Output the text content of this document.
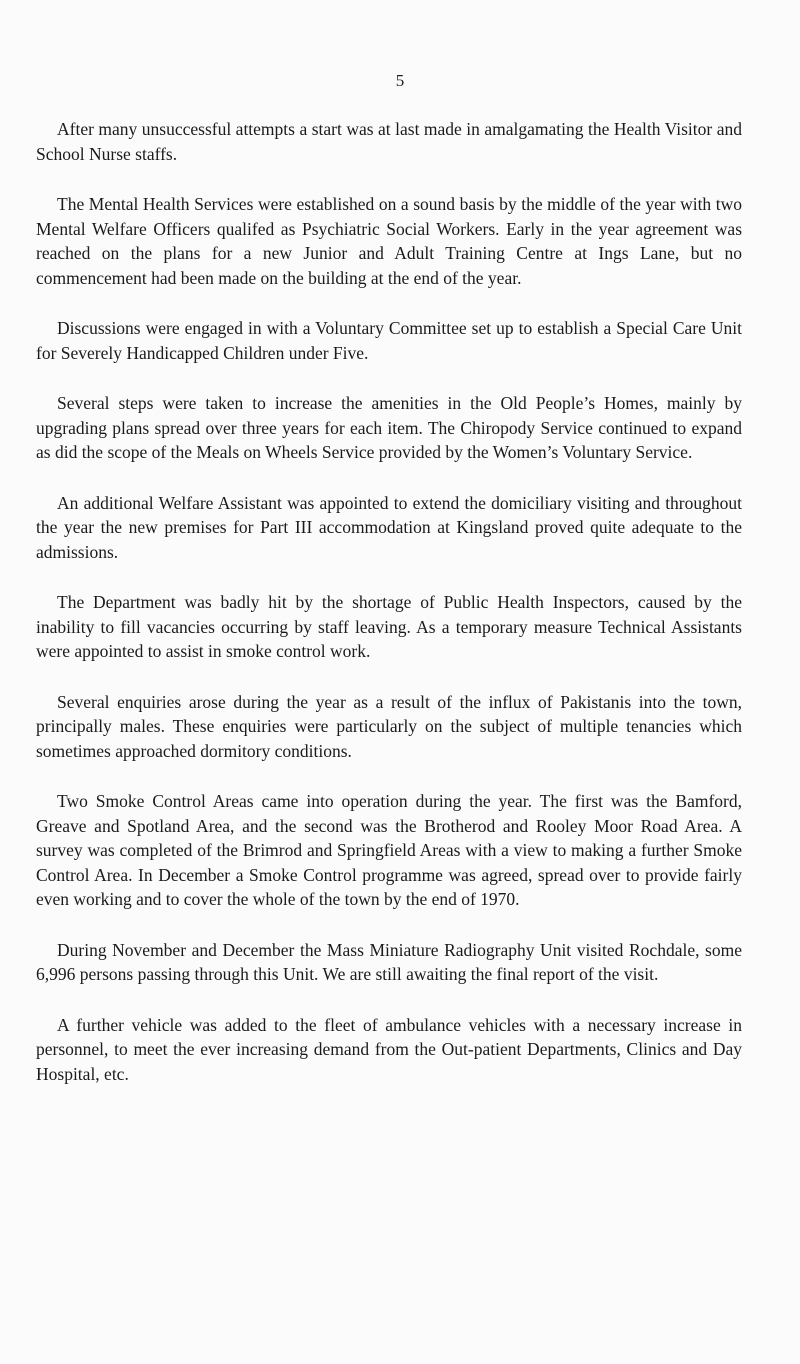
5

After many unsuccessful attempts a start was at last made in amalgamating the Health Visitor and School Nurse staffs.

The Mental Health Services were established on a sound basis by the middle of the year with two Mental Welfare Officers qualifed as Psychiatric Social Workers. Early in the year agreement was reached on the plans for a new Junior and Adult Training Centre at Ings Lane, but no commencement had been made on the building at the end of the year.

Discussions were engaged in with a Voluntary Committee set up to establish a Special Care Unit for Severely Handicapped Children under Five.

Several steps were taken to increase the amenities in the Old People’s Homes, mainly by upgrading plans spread over three years for each item. The Chiropody Service continued to expand as did the scope of the Meals on Wheels Service provided by the Women’s Voluntary Service.

An additional Welfare Assistant was appointed to extend the domiciliary visiting and throughout the year the new premises for Part III accommodation at Kingsland proved quite adequate to the admissions.

The Department was badly hit by the shortage of Public Health Inspectors, caused by the inability to fill vacancies occurring by staff leaving. As a temporary measure Technical Assistants were appointed to assist in smoke control work.

Several enquiries arose during the year as a result of the influx of Pakistanis into the town, principally males. These enquiries were particularly on the subject of multiple tenancies which sometimes approached dormitory conditions.

Two Smoke Control Areas came into operation during the year. The first was the Bamford, Greave and Spotland Area, and the second was the Brotherod and Rooley Moor Road Area. A survey was completed of the Brimrod and Springfield Areas with a view to making a further Smoke Control Area. In December a Smoke Control programme was agreed, spread over to provide fairly even working and to cover the whole of the town by the end of 1970.

During November and December the Mass Miniature Radiography Unit visited Rochdale, some 6,996 persons passing through this Unit. We are still awaiting the final report of the visit.

A further vehicle was added to the fleet of ambulance vehicles with a necessary increase in personnel, to meet the ever increasing demand from the Out-patient Departments, Clinics and Day Hospital, etc.
